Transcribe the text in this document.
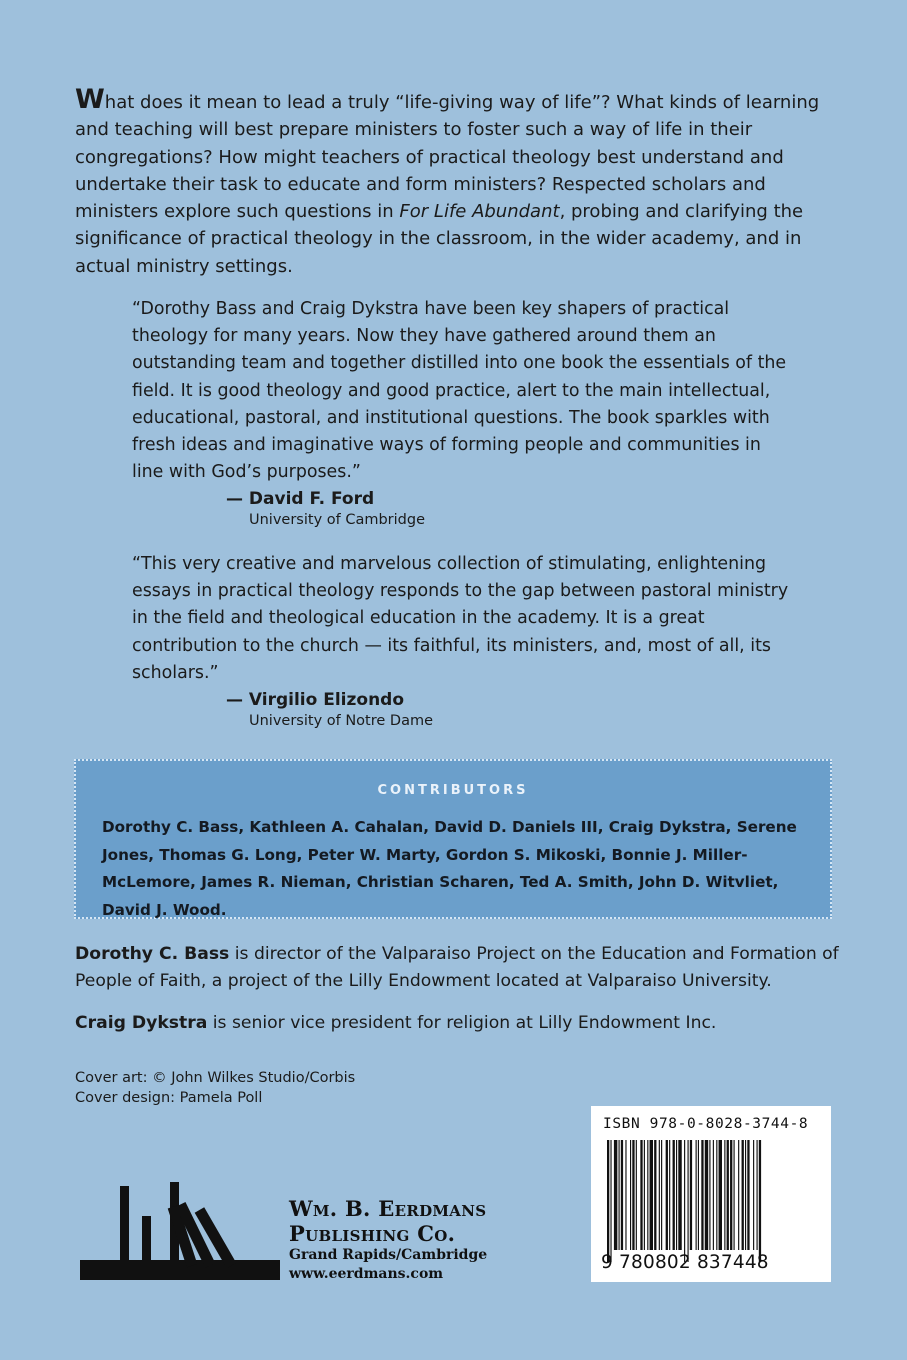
What does it mean to lead a truly “life-giving way of life”? What kinds of learning and teaching will best prepare ministers to foster such a way of life in their congregations? How might teachers of practical theology best understand and undertake their task to educate and form ministers? Respected scholars and ministers explore such questions in For Life Abundant, probing and clarifying the significance of practical theology in the classroom, in the wider academy, and in actual ministry settings.

“Dorothy Bass and Craig Dykstra have been key shapers of practical theology for many years. Now they have gathered around them an outstanding team and together distilled into one book the essentials of the field. It is good theology and good practice, alert to the main intellectual, educational, pastoral, and institutional questions. The book sparkles with fresh ideas and imaginative ways of forming people and communities in line with God’s purposes.”

— David F. Ford
University of Cambridge

“This very creative and marvelous collection of stimulating, enlightening essays in practical theology responds to the gap between pastoral ministry in the field and theological education in the academy. It is a great contribution to the church — its faithful, its ministers, and, most of all, its scholars.”

— Virgilio Elizondo
University of Notre Dame
CONTRIBUTORS

Dorothy C. Bass, Kathleen A. Cahalan, David D. Daniels III, Craig Dykstra, Serene Jones, Thomas G. Long, Peter W. Marty, Gordon S. Mikoski, Bonnie J. Miller-McLemore, James R. Nieman, Christian Scharen, Ted A. Smith, John D. Witvliet, David J. Wood.

Dorothy C. Bass is director of the Valparaiso Project on the Education and Formation of People of Faith, a project of the Lilly Endowment located at Valparaiso University.

Craig Dykstra is senior vice president for religion at Lilly Endowment Inc.

Cover art: © John Wilkes Studio/Corbis
Cover design: Pamela Poll
Wm. B. Eerdmans
Publishing Co.
Grand Rapids/Cambridge
www.eerdmans.com
ISBN 978-0-8028-3744-8
9 780802 837448
